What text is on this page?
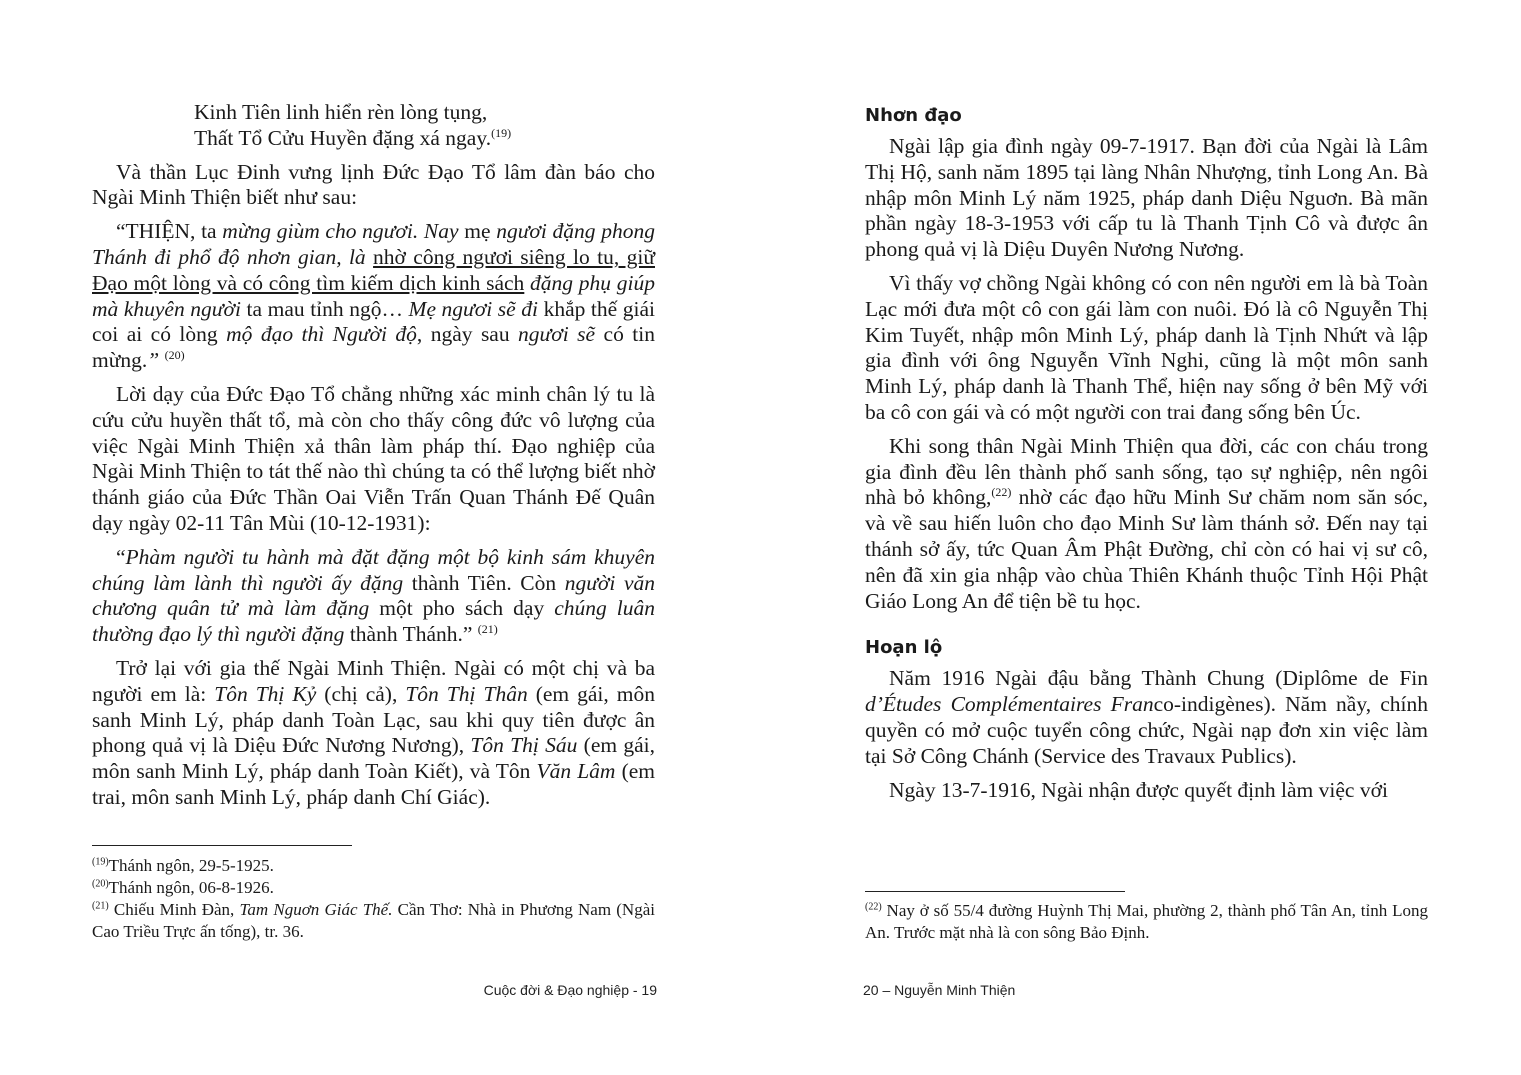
Kinh Tiên linh hiển rèn lòng tụng,
Thất Tổ Cửu Huyền đặng xá ngay.$^{(19)}$

Và thần Lục Đinh vưng lịnh Đức Đạo Tổ lâm đàn báo cho Ngài Minh Thiện biết như sau:

“THIỆN, ta mừng giùm cho ngươi. Nay mẹ ngươi đặng phong Thánh đi phổ độ nhơn gian, là nhờ công ngươi siêng lo tu, giữ Đạo một lòng và có công tìm kiếm dịch kinh sách đặng phụ giúp mà khuyên người ta mau tỉnh ngộ… Mẹ ngươi sẽ đi khắp thế giái coi ai có lòng mộ đạo thì Người độ, ngày sau ngươi sẽ có tin mừng.” $^{(20)}$

Lời dạy của Đức Đạo Tổ chẳng những xác minh chân lý tu là cứu cửu huyền thất tổ, mà còn cho thấy công đức vô lượng của việc Ngài Minh Thiện xả thân làm pháp thí. Đạo nghiệp của Ngài Minh Thiện to tát thế nào thì chúng ta có thể lượng biết nhờ thánh giáo của Đức Thần Oai Viễn Trấn Quan Thánh Đế Quân dạy ngày 02-11 Tân Mùi (10-12-1931):

“Phàm người tu hành mà đặt đặng một bộ kinh sám khuyên chúng làm lành thì người ấy đặng thành Tiên. Còn người văn chương quân tử mà làm đặng một pho sách dạy chúng luân thường đạo lý thì người đặng thành Thánh.” $^{(21)}$

Trở lại với gia thế Ngài Minh Thiện. Ngài có một chị và ba người em là: Tôn Thị Kỷ (chị cả), Tôn Thị Thân (em gái, môn sanh Minh Lý, pháp danh Toàn Lạc, sau khi quy tiên được ân phong quả vị là Diệu Đức Nương Nương), Tôn Thị Sáu (em gái, môn sanh Minh Lý, pháp danh Toàn Kiết), và Tôn Văn Lâm (em trai, môn sanh Minh Lý, pháp danh Chí Giác).

$^{(19)}$Thánh ngôn, 29-5-1925.

$^{(20)}$Thánh ngôn, 06-8-1926.

$^{(21)}$ Chiếu Minh Đàn, Tam Nguơn Giác Thế. Cần Thơ: Nhà in Phương Nam (Ngài Cao Triều Trực ấn tống), tr. 36.

Cuộc đời & Đạo nghiệp - 19
Nhơn đạo

Ngài lập gia đình ngày 09-7-1917. Bạn đời của Ngài là Lâm Thị Hộ, sanh năm 1895 tại làng Nhân Nhượng, tỉnh Long An. Bà nhập môn Minh Lý năm 1925, pháp danh Diệu Nguơn. Bà mãn phần ngày 18-3-1953 với cấp tu là Thanh Tịnh Cô và được ân phong quả vị là Diệu Duyên Nương Nương.

Vì thấy vợ chồng Ngài không có con nên người em là bà Toàn Lạc mới đưa một cô con gái làm con nuôi. Đó là cô Nguyễn Thị Kim Tuyết, nhập môn Minh Lý, pháp danh là Tịnh Nhứt và lập gia đình với ông Nguyễn Vĩnh Nghi, cũng là một môn sanh Minh Lý, pháp danh là Thanh Thể, hiện nay sống ở bên Mỹ với ba cô con gái và có một người con trai đang sống bên Úc.

Khi song thân Ngài Minh Thiện qua đời, các con cháu trong gia đình đều lên thành phố sanh sống, tạo sự nghiệp, nên ngôi nhà bỏ không,$^{(22)}$ nhờ các đạo hữu Minh Sư chăm nom săn sóc, và về sau hiến luôn cho đạo Minh Sư làm thánh sở. Đến nay tại thánh sở ấy, tức Quan Âm Phật Đường, chỉ còn có hai vị sư cô, nên đã xin gia nhập vào chùa Thiên Khánh thuộc Tỉnh Hội Phật Giáo Long An để tiện bề tu học.

Hoạn lộ

Năm 1916 Ngài đậu bằng Thành Chung (Diplôme de Fin d’Études Complémentaires Franco-indigènes). Năm nầy, chính quyền có mở cuộc tuyển công chức, Ngài nạp đơn xin việc làm tại Sở Công Chánh (Service des Travaux Publics).

Ngày 13-7-1916, Ngài nhận được quyết định làm việc với

$^{(22)}$ Nay ở số 55/4 đường Huỳnh Thị Mai, phường 2, thành phố Tân An, tỉnh Long An. Trước mặt nhà là con sông Bảo Định.

20 – Nguyễn Minh Thiện
